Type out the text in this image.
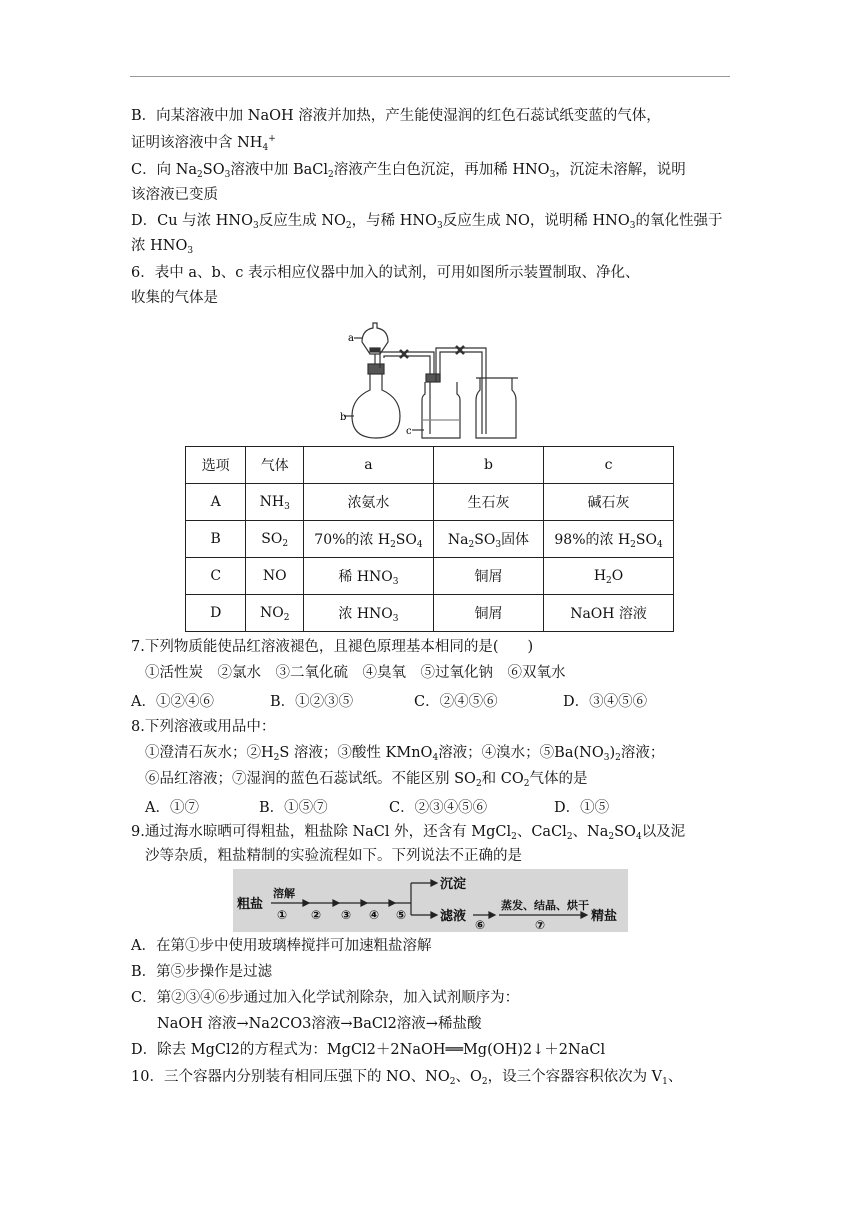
B．向某溶液中加 NaOH 溶液并加热，产生能使湿润的红色石蕊试纸变蓝的气体，
证明该溶液中含 $NH_4^+$
C．向 $Na_2SO_3$溶液中加 BaCl$_2$溶液产生白色沉淀，再加稀 $HNO_3$，沉淀未溶解，说明
该溶液已变质
D．Cu 与浓 $HNO_3$反应生成 $NO_2$，与稀 $HNO_3$反应生成 NO，说明稀 $HNO_3$的氧化性强于
浓 $HNO_3$
6．表中 a、b、c 表示相应仪器中加入的试剂，可用如图所示装置制取、净化、
收集的气体是
a
b
c
选项	气体	a	b	c
A	$NH_3$	浓氨水	生石灰	碱石灰
B	$SO_2$	70%的浓 $H_2SO_4$	$Na_2SO_3$固体	98%的浓 $H_2SO_4$
C	NO	稀 $HNO_3$	铜屑	$H_2O$
D	$NO_2$	浓 $HNO_3$	铜屑	NaOH 溶液
7.下列物质能使品红溶液褪色，且褪色原理基本相同的是(　　)
①活性炭　②氯水　③二氧化硫　④臭氧　⑤过氧化钠　⑥双氧水
A．①②④⑥	B．①②③⑤	C．②④⑤⑥	D．③④⑤⑥
8.下列溶液或用品中：
①澄清石灰水；$②H_2S$ 溶液；③酸性 KMnO$_4$溶液；④溴水；$⑤Ba(NO_3)_2$溶液；
⑥品红溶液；⑦湿润的蓝色石蕊试纸。不能区别 $SO_2$和 $CO_2$气体的是
A．①⑦	B．①⑤⑦	C．②③④⑤⑥	D．①⑤
9.通过海水晾晒可得粗盐，粗盐除 NaCl 外，还含有 MgCl$_2$、CaCl$_2$、$Na_2SO_4$以及泥
沙等杂质，粗盐精制的实验流程如下。下列说法不正确的是
粗盐
溶解
① ② ③ ④ ⑤
沉淀
滤液
⑥
蒸发、结晶、烘干
⑦
精盐
A．在第①步中使用玻璃棒搅拌可加速粗盐溶解
B．第⑤步操作是过滤
C．第②③④⑥步通过加入化学试剂除杂，加入试剂顺序为：
NaOH 溶液→Na2CO3溶液→BaCl2溶液→稀盐酸
D．除去 MgCl2的方程式为：MgCl2＋2NaOH══Mg(OH)2↓＋2NaCl
10．三个容器内分别装有相同压强下的 NO、$NO_2$、$O_2$，设三个容器容积依次为 $V_1$、
